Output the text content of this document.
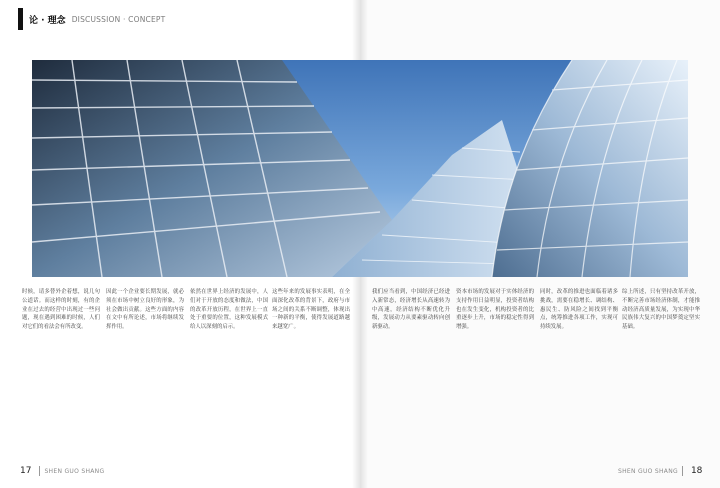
论 · 理念 DISCUSSION · CONCEPT

时候，请多替外企着想，说几句公道话。而这样的时刻，有的企业在过去的经营中出现过一些问题，现在遇到困难的时候，人们对它们的看法会有所改变。

因此一个企业要长期发展，就必须在市场中树立良好的形象，为社会做出贡献。这些方面的内容在文中有所论述，市场将继续发挥作用。

依然在世界上经济的发展中，人们对于开放的态度和做法，中国的改革开放历程，在世界上一直处于重要的位置，这种发展模式给人以深刻的启示。

这些年来的发展事实表明，在全面深化改革的背景下，政府与市场之间的关系不断调整，体现出一种新的平衡，使得发展道路越来越宽广。

我们应当看到，中国经济已经进入新常态，经济增长从高速转为中高速，经济结构不断优化升级，发展动力从要素驱动转向创新驱动。

资本市场的发展对于实体经济的支持作用日益明显，投资者结构也在发生变化，机构投资者的比重逐步上升，市场的稳定性得到增强。

同时，改革的推进也面临着诸多挑战，需要在稳增长、调结构、惠民生、防风险之间找到平衡点，统筹推进各项工作，实现可持续发展。

综上所述，只有坚持改革开放，不断完善市场经济体制，才能推动经济高质量发展，为实现中华民族伟大复兴的中国梦奠定坚实基础。

17 SHEN GUO SHANG	SHEN GUO SHANG 18
